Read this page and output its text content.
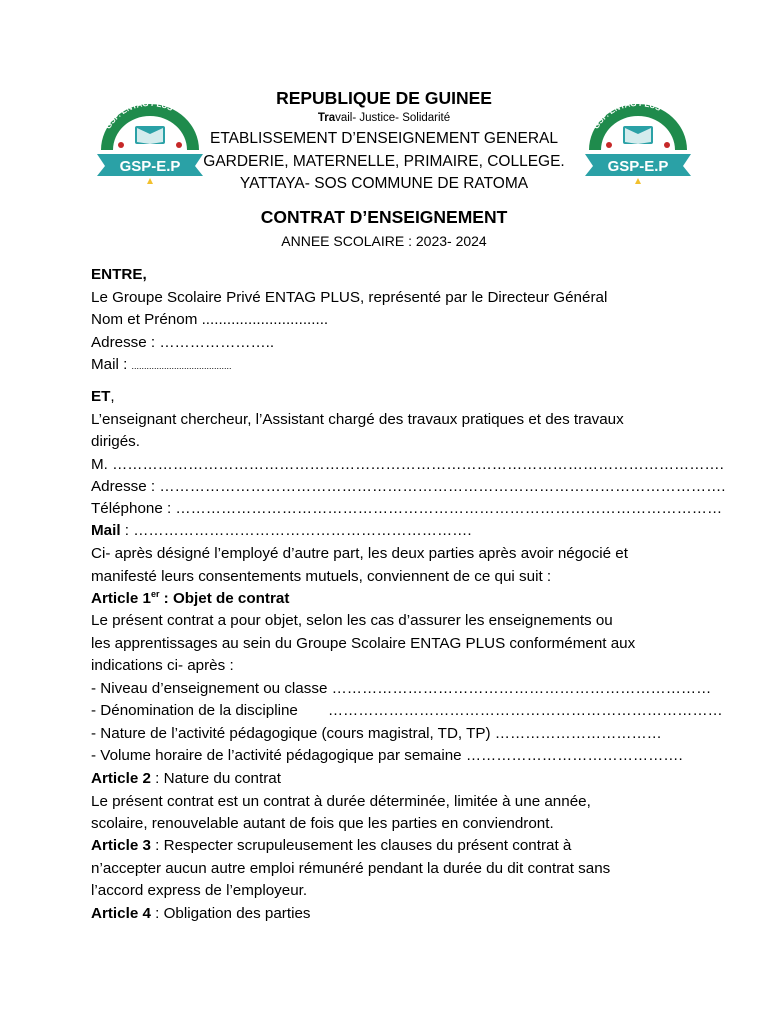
GSP. ENTAG PLUS
GSP-E.P
GSP. ENTAG PLUS
GSP-E.P
REPUBLIQUE DE GUINEE
Travail- Justice- Solidarité
ETABLISSEMENT D’ENSEIGNEMENT GENERAL
GARDERIE, MATERNELLE, PRIMAIRE, COLLEGE.
YATTAYA- SOS COMMUNE DE RATOMA
CONTRAT D’ENSEIGNEMENT
ANNEE SCOLAIRE : 2023- 2024
ENTRE,
Le Groupe Scolaire Privé ENTAG PLUS, représenté par le Directeur Général
Nom et Prénom ..............................
Adresse : …………………..
Mail : ........................................
ET,
L’enseignant chercheur, l’Assistant chargé des travaux pratiques et des travaux
dirigés.
M. ………………………………………………………………………………………………………….
Adresse : ………………………………………………………………………………………………….
Téléphone : ………………………………………………………………………………………………
Mail : ………………………………………………………….
Ci- après désigné l’employé d’autre part, les deux parties après avoir négocié et
manifesté leurs consentements mutuels, conviennent de ce qui suit :
Article 1er : Objet de contrat
Le présent contrat a pour objet, selon les cas d’assurer les enseignements ou
les apprentissages au sein du Groupe Scolaire ENTAG PLUS conformément aux
indications ci- après :
- Niveau d’enseignement ou classe …………………………………………………………………
- Dénomination de la discipline ……………………………………………………………………
- Nature de l’activité pédagogique (cours magistral, TD, TP) ……………………………
- Volume horaire de l’activité pédagogique par semaine …………………………………….
Article 2 : Nature du contrat
Le présent contrat est un contrat à durée déterminée, limitée à une année,
scolaire, renouvelable autant de fois que les parties en conviendront.
Article 3 : Respecter scrupuleusement les clauses du présent contrat à
n’accepter aucun autre emploi rémunéré pendant la durée du dit contrat sans
l’accord express de l’employeur.
Article 4 : Obligation des parties
